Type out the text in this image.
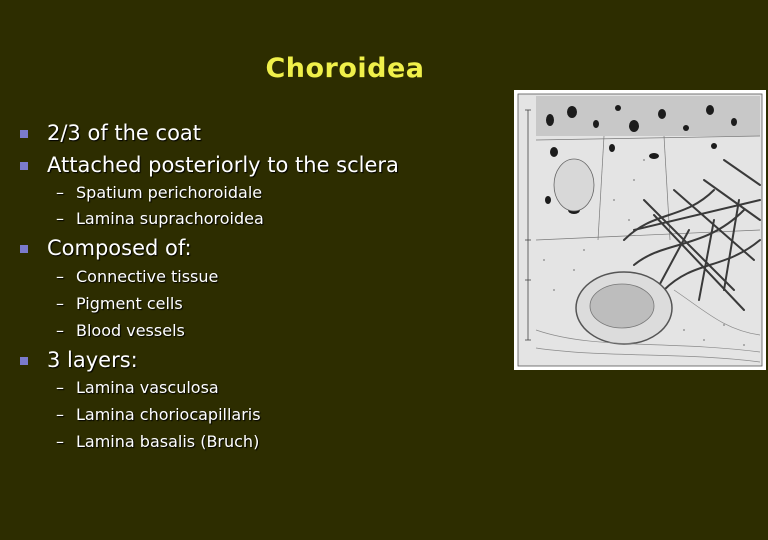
Choroidea
2/3 of the coat
Attached posteriorly to the sclera
– Spatium perichoroidale
– Lamina suprachoroidea
Composed of:
– Connective tissue
– Pigment cells
– Blood vessels
3 layers:
– Lamina vasculosa
– Lamina choriocapillaris
– Lamina basalis (Bruch)
